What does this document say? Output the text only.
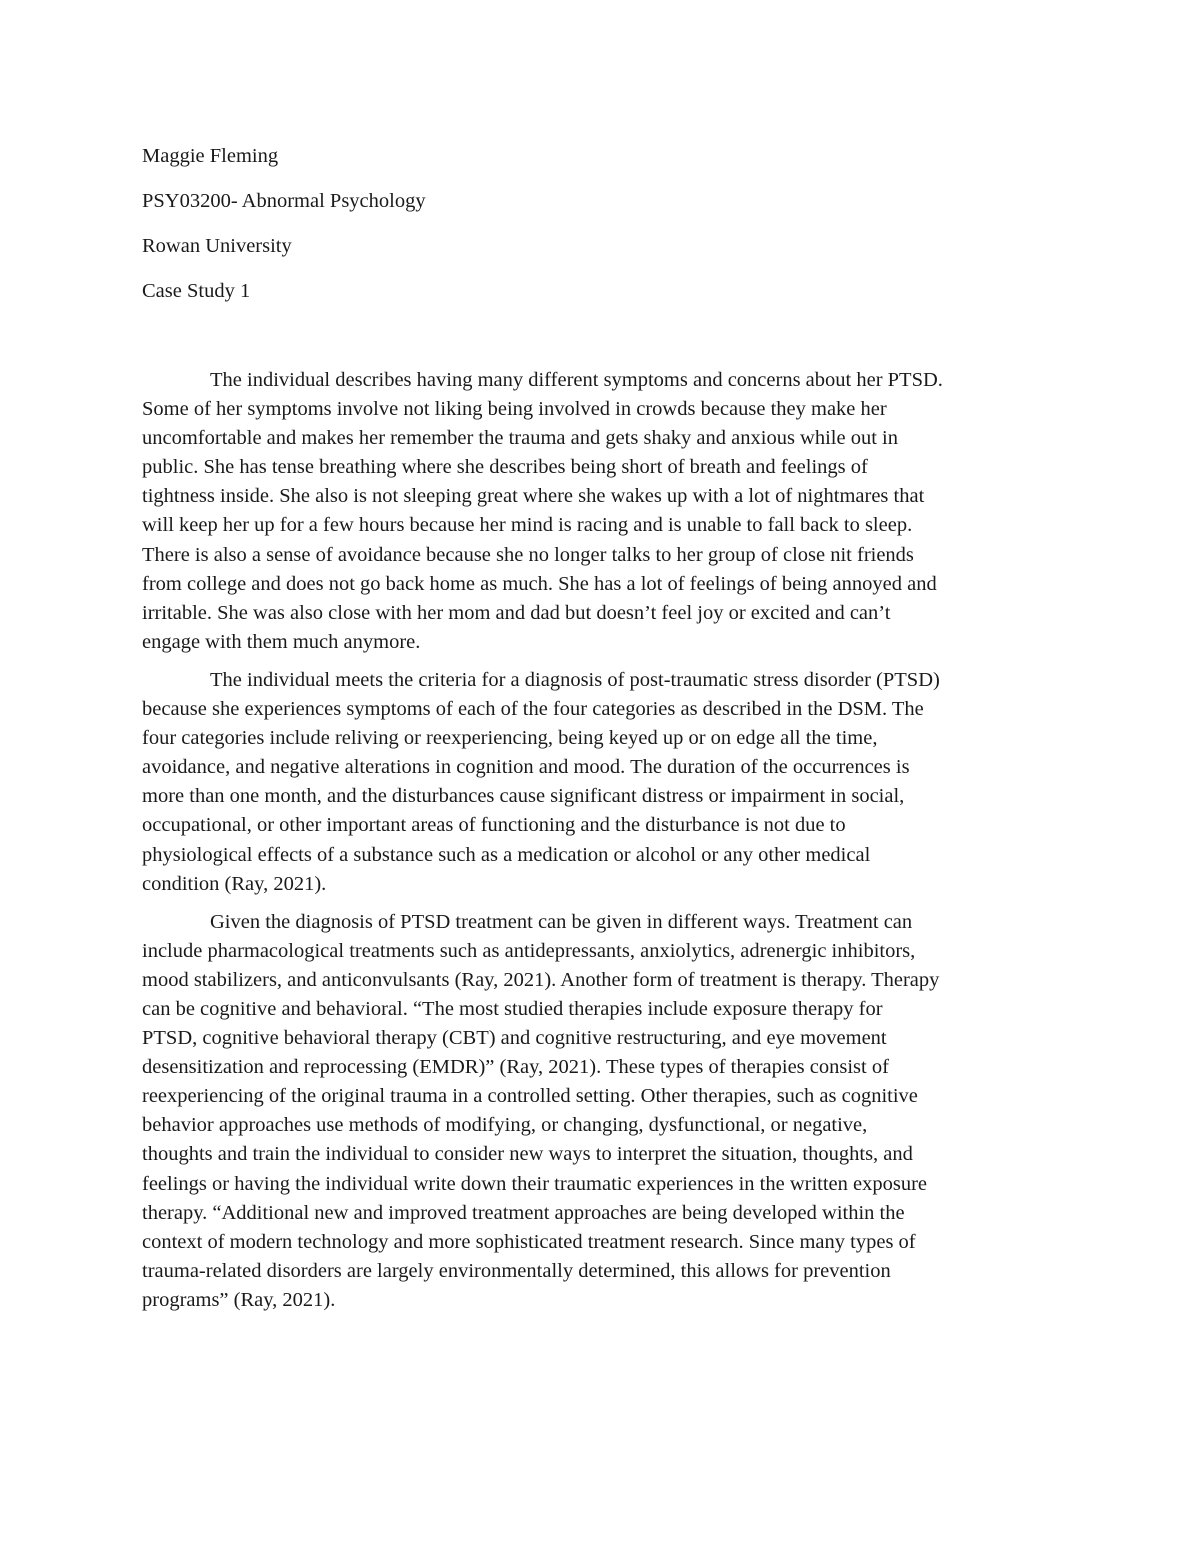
Maggie Fleming
PSY03200- Abnormal Psychology
Rowan University
Case Study 1
The individual describes having many different symptoms and concerns about her PTSD.
Some of her symptoms involve not liking being involved in crowds because they make her
uncomfortable and makes her remember the trauma and gets shaky and anxious while out in
public. She has tense breathing where she describes being short of breath and feelings of
tightness inside. She also is not sleeping great where she wakes up with a lot of nightmares that
will keep her up for a few hours because her mind is racing and is unable to fall back to sleep.
There is also a sense of avoidance because she no longer talks to her group of close nit friends
from college and does not go back home as much. She has a lot of feelings of being annoyed and
irritable. She was also close with her mom and dad but doesn’t feel joy or excited and can’t
engage with them much anymore.
The individual meets the criteria for a diagnosis of post-traumatic stress disorder (PTSD)
because she experiences symptoms of each of the four categories as described in the DSM. The
four categories include reliving or reexperiencing, being keyed up or on edge all the time,
avoidance, and negative alterations in cognition and mood. The duration of the occurrences is
more than one month, and the disturbances cause significant distress or impairment in social,
occupational, or other important areas of functioning and the disturbance is not due to
physiological effects of a substance such as a medication or alcohol or any other medical
condition (Ray, 2021).
Given the diagnosis of PTSD treatment can be given in different ways. Treatment can
include pharmacological treatments such as antidepressants, anxiolytics, adrenergic inhibitors,
mood stabilizers, and anticonvulsants (Ray, 2021). Another form of treatment is therapy. Therapy
can be cognitive and behavioral. “The most studied therapies include exposure therapy for
PTSD, cognitive behavioral therapy (CBT) and cognitive restructuring, and eye movement
desensitization and reprocessing (EMDR)” (Ray, 2021). These types of therapies consist of
reexperiencing of the original trauma in a controlled setting. Other therapies, such as cognitive
behavior approaches use methods of modifying, or changing, dysfunctional, or negative,
thoughts and train the individual to consider new ways to interpret the situation, thoughts, and
feelings or having the individual write down their traumatic experiences in the written exposure
therapy. “Additional new and improved treatment approaches are being developed within the
context of modern technology and more sophisticated treatment research. Since many types of
trauma-related disorders are largely environmentally determined, this allows for prevention
programs” (Ray, 2021).
